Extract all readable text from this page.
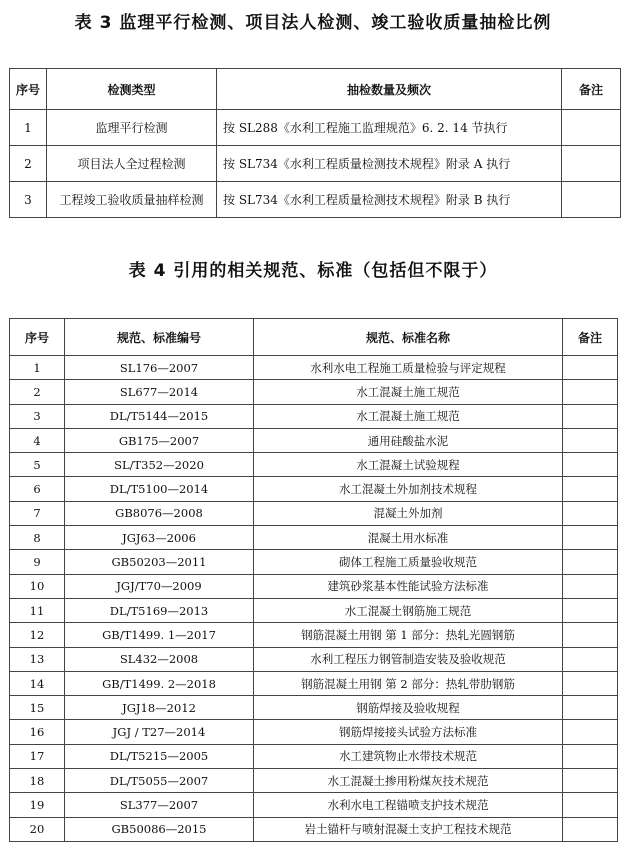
表 3 监理平行检测、项目法人检测、竣工验收质量抽检比例
序号	检测类型	抽检数量及频次	备注
1	监理平行检测	按 SL288《水利工程施工监理规范》6. 2. 14 节执行	
2	项目法人全过程检测	按 SL734《水利工程质量检测技术规程》附录 A 执行	
3	工程竣工验收质量抽样检测	按 SL734《水利工程质量检测技术规程》附录 B 执行	
表 4 引用的相关规范、标准（包括但不限于）
序号	规范、标准编号	规范、标准名称	备注
1	SL176—2007	水利水电工程施工质量检验与评定规程	
2	SL677—2014	水工混凝土施工规范	
3	DL/T5144—2015	水工混凝土施工规范	
4	GB175—2007	通用硅酸盐水泥	
5	SL/T352—2020	水工混凝土试验规程	
6	DL/T5100—2014	水工混凝土外加剂技术规程	
7	GB8076—2008	混凝土外加剂	
8	JGJ63—2006	混凝土用水标准	
9	GB50203—2011	砌体工程施工质量验收规范	
10	JGJ/T70—2009	建筑砂浆基本性能试验方法标准	
11	DL/T5169—2013	水工混凝土钢筋施工规范	
12	GB/T1499. 1—2017	钢筋混凝土用钢 第 1 部分：热轧光圆钢筋	
13	SL432—2008	水利工程压力钢管制造安装及验收规范	
14	GB/T1499. 2—2018	钢筋混凝土用钢 第 2 部分：热轧带肋钢筋	
15	JGJ18—2012	钢筋焊接及验收规程	
16	JGJ / T27—2014	钢筋焊接接头试验方法标准	
17	DL/T5215—2005	水工建筑物止水带技术规范	
18	DL/T5055—2007	水工混凝土掺用粉煤灰技术规范	
19	SL377—2007	水利水电工程锚喷支护技术规范	
20	GB50086—2015	岩土锚杆与喷射混凝土支护工程技术规范	
